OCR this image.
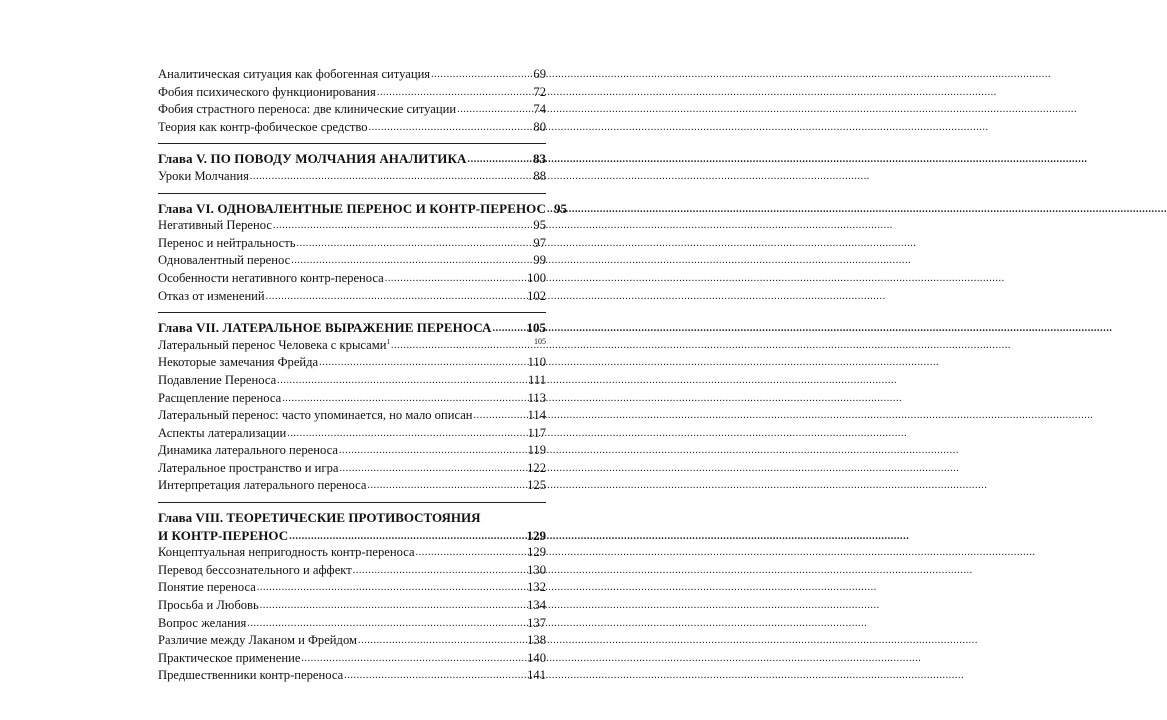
Аналитическая ситуация как фобогенная ситуация .....	69
Фобия психического функционирования .....	72
Фобия страстного переноса: две клинические ситуации .....	74
Теория как контр-фобическое средство .....	80
Глава V. ПО ПОВОДУ МОЛЧАНИЯ АНАЛИТИКА .....	83
Уроки Молчания .....	88
Глава VI. ОДНОВАЛЕНТНЫЕ ПЕРЕНОС И КОНТР-ПЕРЕНОС ..... 95
Негативный Перенос .....	95
Перенос и нейтральность .....	97
Одновалентный перенос .....	99
Особенности негативного контр-переноса .....	100
Отказ от изменений .....	102
Глава VII. ЛАТЕРАЛЬНОЕ ВЫРАЖЕНИЕ ПЕРЕНОСА .....	105
Латеральный перенос Человека с крысами$^1$ .....	105
Некоторые замечания Фрейда .....	110
Подавление Переноса .....	111
Расщепление переноса .....	113
Латеральный перенос: часто упоминается, но мало описан .....	114
Аспекты латерализации .....	117
Динамика латерального переноса .....	119
Латеральное пространство и игра .....	122
Интерпретация латерального переноса .....	125
Глава VIII. ТЕОРЕТИЧЕСКИЕ ПРОТИВОСТОЯНИЯ
И КОНТР-ПЕРЕНОС .....	129
Концептуальная непригодность контр-переноса .....	129
Перевод бессознательного и аффект .....	130
Понятие переноса .....	132
Просьба и Любовь .....	134
Вопрос желания .....	137
Различие между Лаканом и Фрейдом .....	138
Практическое применение .....	140
Предшественники контр-переноса .....	141
